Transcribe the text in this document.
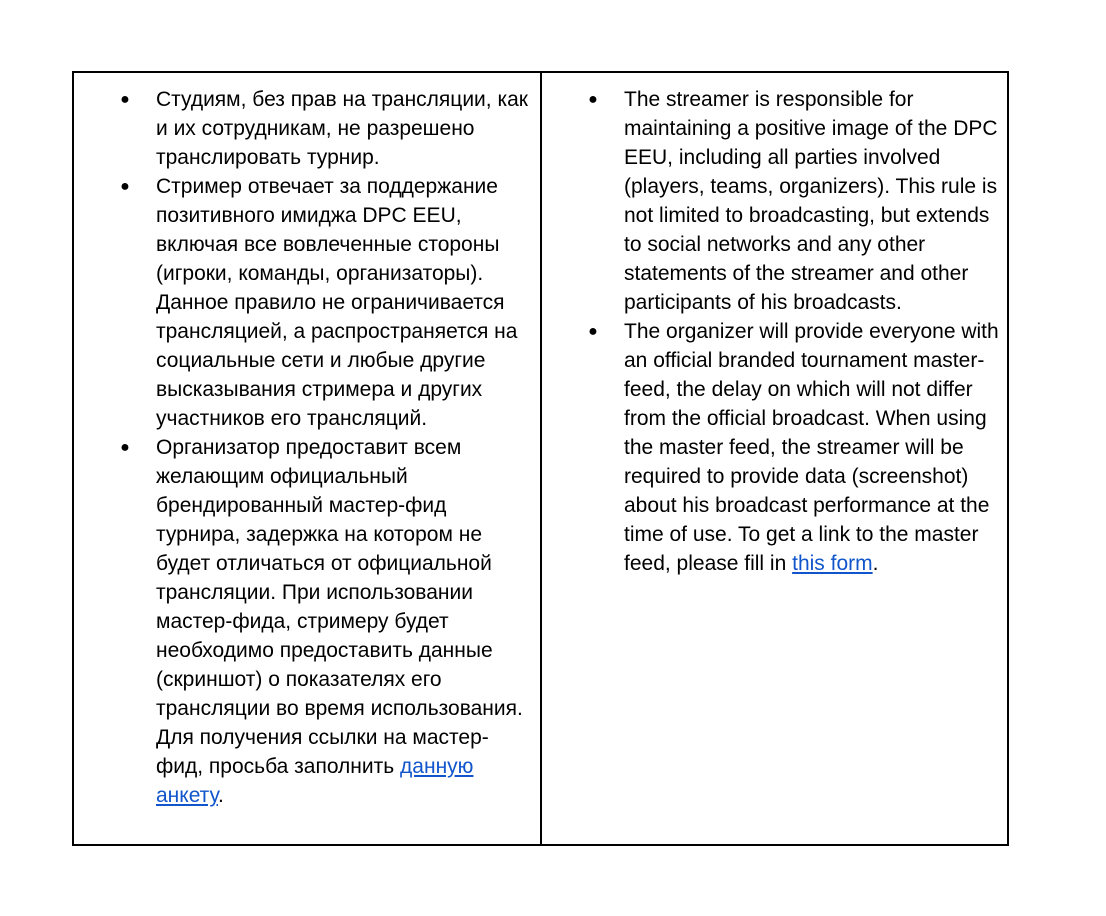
● Студиям, без прав на трансляции, как и их сотрудникам, не разрешено транслировать турнир.
● Стример отвечает за поддержание позитивного имиджа DPC EEU, включая все вовлеченные стороны (игроки, команды, организаторы). Данное правило не ограничивается трансляцией, а распространяется на социальные сети и любые другие высказывания стримера и других участников его трансляций.
● Организатор предоставит всем желающим официальный брендированный мастер-фид турнира, задержка на котором не будет отличаться от официальной трансляции. При использовании мастер-фида, стримеру будет необходимо предоставить данные (скриншот) о показателях его трансляции во время использования. Для получения ссылки на мастер-фид, просьба заполнить данную анкету.
● The streamer is responsible for maintaining a positive image of the DPC EEU, including all parties involved (players, teams, organizers). This rule is not limited to broadcasting, but extends to social networks and any other statements of the streamer and other participants of his broadcasts.
● The organizer will provide everyone with an official branded tournament master-feed, the delay on which will not differ from the official broadcast. When using the master feed, the streamer will be required to provide data (screenshot) about his broadcast performance at the time of use. To get a link to the master feed, please fill in this form.
